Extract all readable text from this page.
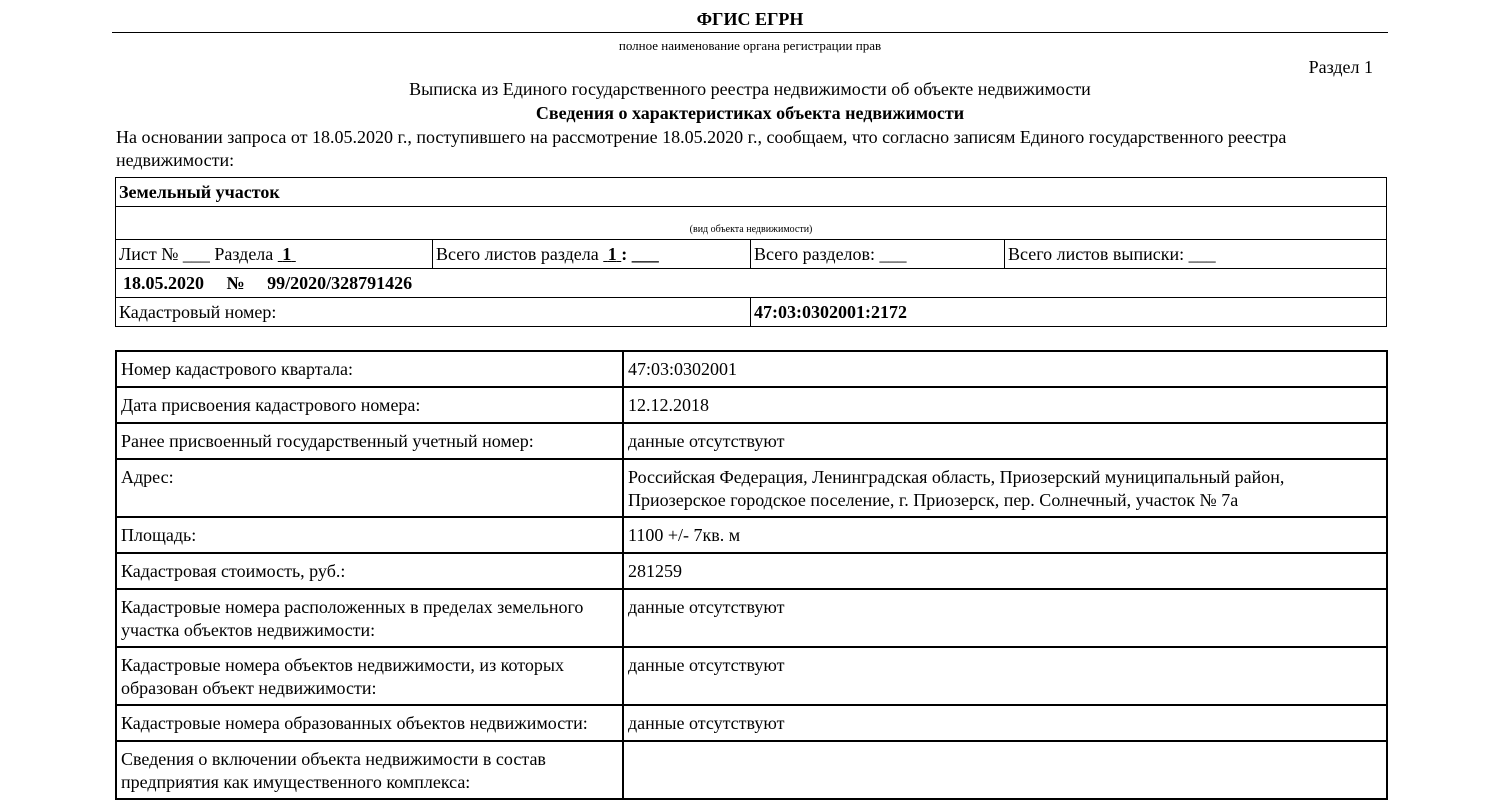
ФГИС ЕГРН
полное наименование органа регистрации прав
Раздел 1
Выписка из Единого государственного реестра недвижимости об объекте недвижимости
Сведения о характеристиках объекта недвижимости
На основании запроса от 18.05.2020 г., поступившего на рассмотрение 18.05.2020 г., сообщаем, что согласно записям Единого государственного реестра недвижимости:
Земельный участок			
(вид объекта недвижимости)			
Лист № ___ Раздела 1	Всего листов раздела 1 : ___	Всего разделов: ___	Всего листов выписки: ___
18.05.2020 № 99/2020/328791426			
Кадастровый номер:		47:03:0302001:2172	
Номер кадастрового квартала:	47:03:0302001
Дата присвоения кадастрового номера:	12.12.2018
Ранее присвоенный государственный учетный номер:	данные отсутствуют
Адрес:	Российская Федерация, Ленинградская область, Приозерский муниципальный район, Приозерское городское поселение, г. Приозерск, пер. Солнечный, участок № 7а
Площадь:	1100 +/- 7кв. м
Кадастровая стоимость, руб.:	281259
Кадастровые номера расположенных в пределах земельного участка объектов недвижимости:	данные отсутствуют
Кадастровые номера объектов недвижимости, из которых образован объект недвижимости:	данные отсутствуют
Кадастровые номера образованных объектов недвижимости:	данные отсутствуют
Сведения о включении объекта недвижимости в состав предприятия как имущественного комплекса:	
